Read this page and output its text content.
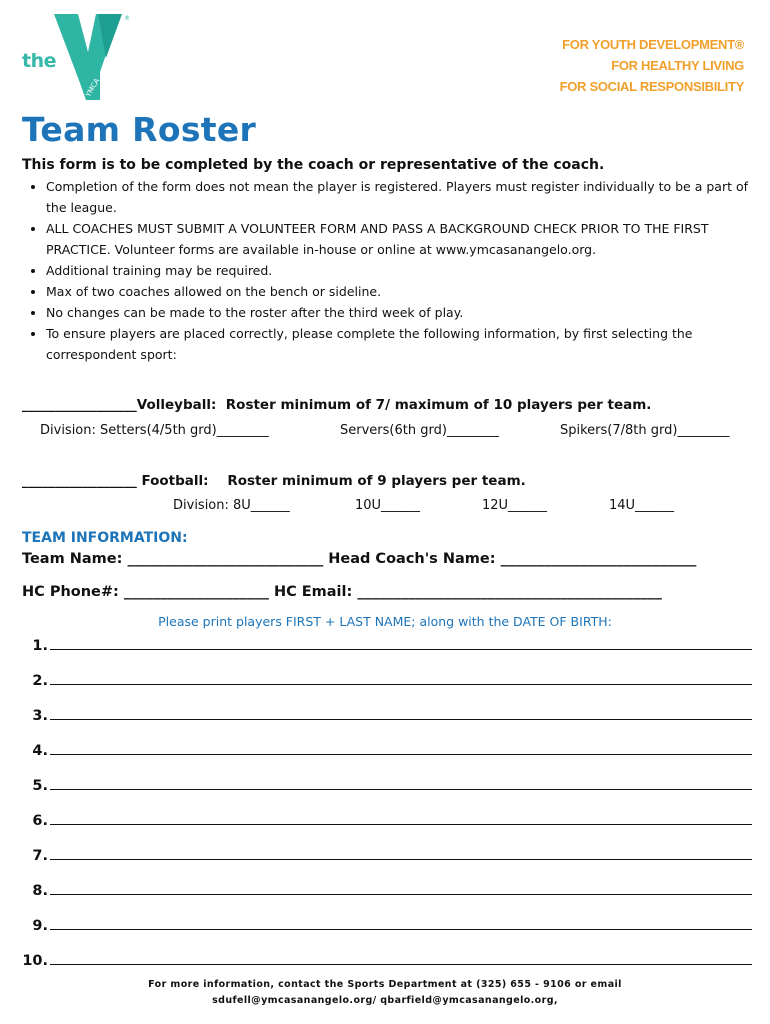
®
YMCA
the
FOR YOUTH DEVELOPMENT®
FOR HEALTHY LIVING
FOR SOCIAL RESPONSIBILITY
Team Roster
This form is to be completed by the coach or representative of the coach.
• Completion of the form does not mean the player is registered. Players must register individually to be a part of the league.
• ALL COACHES MUST SUBMIT A VOLUNTEER FORM AND PASS A BACKGROUND CHECK PRIOR TO THE FIRST PRACTICE. Volunteer forms are available in-house or online at www.ymcasanangelo.org.
• Additional training may be required.
• Max of two coaches allowed on the bench or sideline.
• No changes can be made to the roster after the third week of play.
• To ensure players are placed correctly, please complete the following information, by first selecting the correspondent sport:
_________________Volleyball:  Roster minimum of 7/ maximum of 10 players per team.
Division: Setters(4/5th grd)________	Servers(6th grd)________	Spikers(7/8th grd)________
_________________ Football:    Roster minimum of 9 players per team.
Division: 8U______	10U______	12U______	14U______
TEAM INFORMATION:
Team Name: ___________________________ Head Coach's Name: ___________________________
HC Phone#: ____________________ HC Email: __________________________________________
Please print players FIRST + LAST NAME; along with the DATE OF BIRTH:
1.
2.
3.
4.
5.
6.
7.
8.
9.
10.
For more information, contact the Sports Department at (325) 655 - 9106 or email
sdufell@ymcasanangelo.org/ qbarfield@ymcasanangelo.org,
